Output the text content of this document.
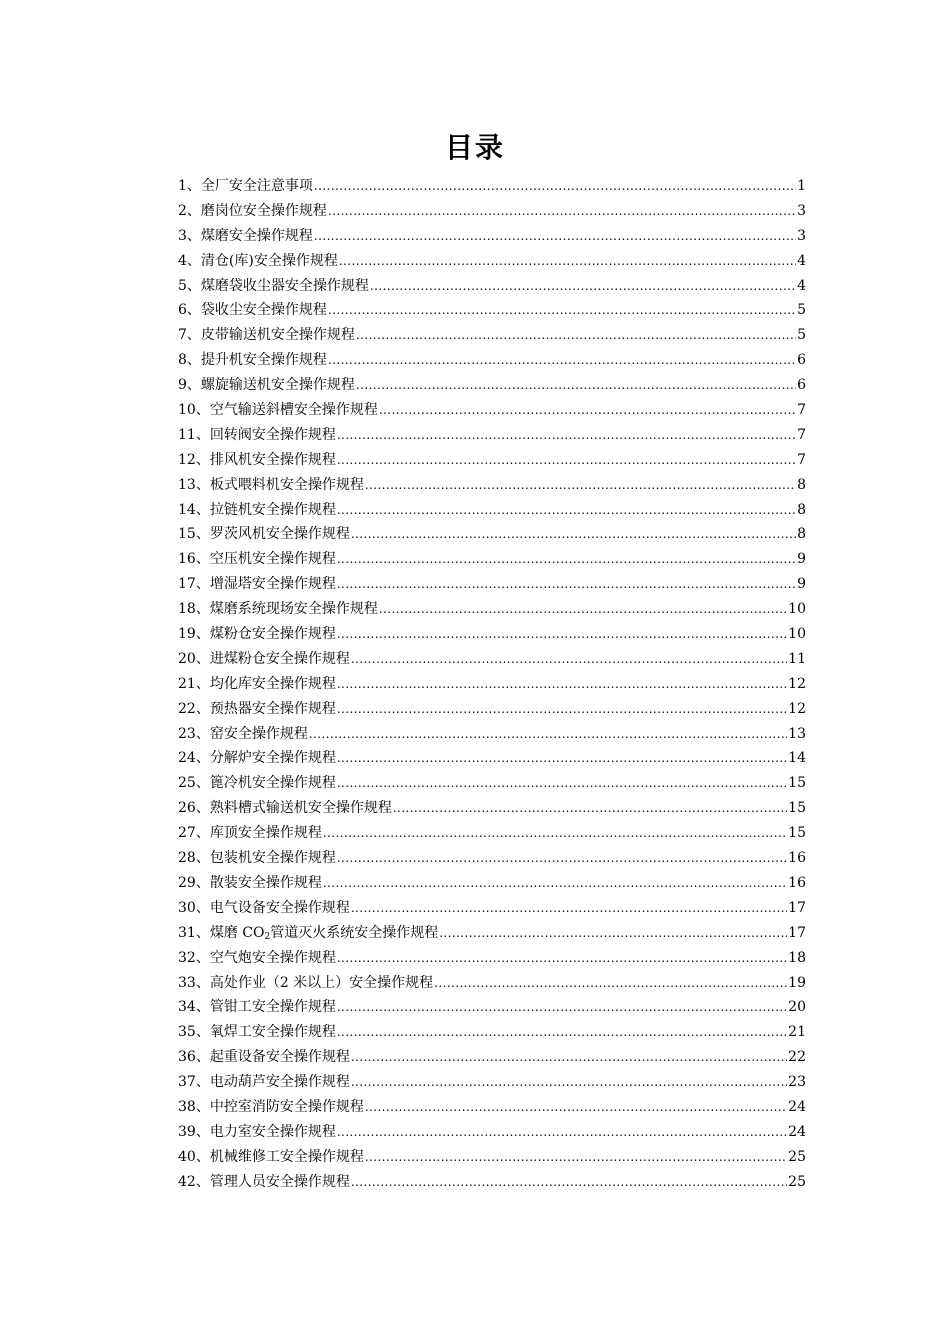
目录
1、全厂安全注意事项 .....	1
2、磨岗位安全操作规程 .....	3
3、煤磨安全操作规程 .....	3
4、清仓(库)安全操作规程 .....	4
5、煤磨袋收尘器安全操作规程 .....	4
6、袋收尘安全操作规程 .....	5
7、皮带输送机安全操作规程 .....	5
8、提升机安全操作规程 .....	6
9、螺旋输送机安全操作规程 .....	6
10、空气输送斜槽安全操作规程 .....	7
11、回转阀安全操作规程 .....	7
12、排风机安全操作规程 .....	7
13、板式喂料机安全操作规程 .....	8
14、拉链机安全操作规程 .....	8
15、罗茨风机安全操作规程 .....	8
16、空压机安全操作规程 .....	9
17、增湿塔安全操作规程 .....	9
18、煤磨系统现场安全操作规程 .....	10
19、煤粉仓安全操作规程 .....	10
20、进煤粉仓安全操作规程 .....	11
21、均化库安全操作规程 .....	12
22、预热器安全操作规程 .....	12
23、窑安全操作规程 .....	13
24、分解炉安全操作规程 .....	14
25、篦冷机安全操作规程 .....	15
26、熟料槽式输送机安全操作规程 .....	15
27、库顶安全操作规程 .....	15
28、包装机安全操作规程 .....	16
29、散装安全操作规程 .....	16
30、电气设备安全操作规程 .....	17
31、煤磨 $CO_2$管道灭火系统安全操作规程 .....	17
32、空气炮安全操作规程 .....	18
33、高处作业（2 米以上）安全操作规程 .....	19
34、管钳工安全操作规程 .....	20
35、氧焊工安全操作规程 .....	21
36、起重设备安全操作规程 .....	22
37、电动葫芦安全操作规程 .....	23
38、中控室消防安全操作规程 .....	24
39、电力室安全操作规程 .....	24
40、机械维修工安全操作规程 .....	25
42、管理人员安全操作规程 .....	25
